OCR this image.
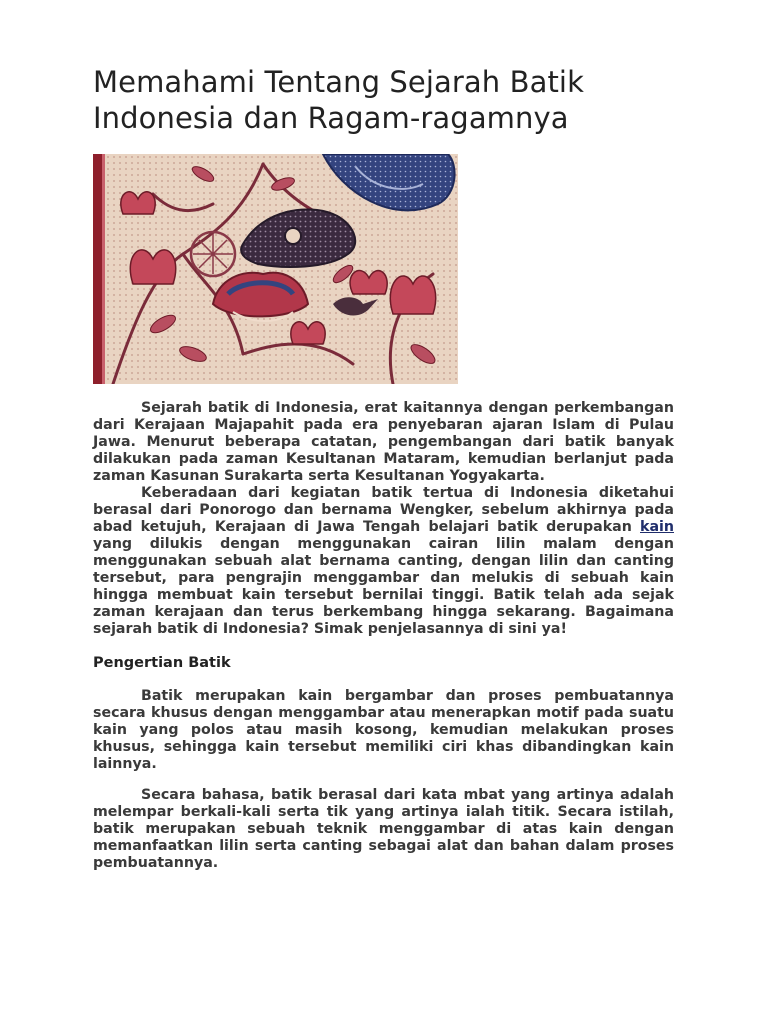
Memahami Tentang Sejarah Batik
Indonesia dan Ragam-ragamnya

Sejarah batik di Indonesia, erat kaitannya dengan perkembangan dari Kerajaan Majapahit pada era penyebaran ajaran Islam di Pulau Jawa. Menurut beberapa catatan, pengembangan dari batik banyak dilakukan pada zaman Kesultanan Mataram, kemudian berlanjut pada zaman Kasunan Surakarta serta Kesultanan Yogyakarta.

Keberadaan dari kegiatan batik tertua di Indonesia diketahui berasal dari Ponorogo dan bernama Wengker, sebelum akhirnya pada abad ketujuh, Kerajaan di Jawa Tengah belajari batik derupakan kain yang dilukis dengan menggunakan cairan lilin malam dengan menggunakan sebuah alat bernama canting, dengan lilin dan canting tersebut, para pengrajin menggambar dan melukis di sebuah kain hingga membuat kain tersebut bernilai tinggi. Batik telah ada sejak zaman kerajaan dan terus berkembang hingga sekarang. Bagaimana sejarah batik di Indonesia? Simak penjelasannya di sini ya!

Pengertian Batik

Batik merupakan kain bergambar dan proses pembuatannya secara khusus dengan menggambar atau menerapkan motif pada suatu kain yang polos atau masih kosong, kemudian melakukan proses khusus, sehingga kain tersebut memiliki ciri khas dibandingkan kain lainnya.

Secara bahasa, batik berasal dari kata mbat yang artinya adalah melempar berkali-kali serta tik yang artinya ialah titik. Secara istilah, batik merupakan sebuah teknik menggambar di atas kain dengan memanfaatkan lilin serta canting sebagai alat dan bahan dalam proses pembuatannya.
